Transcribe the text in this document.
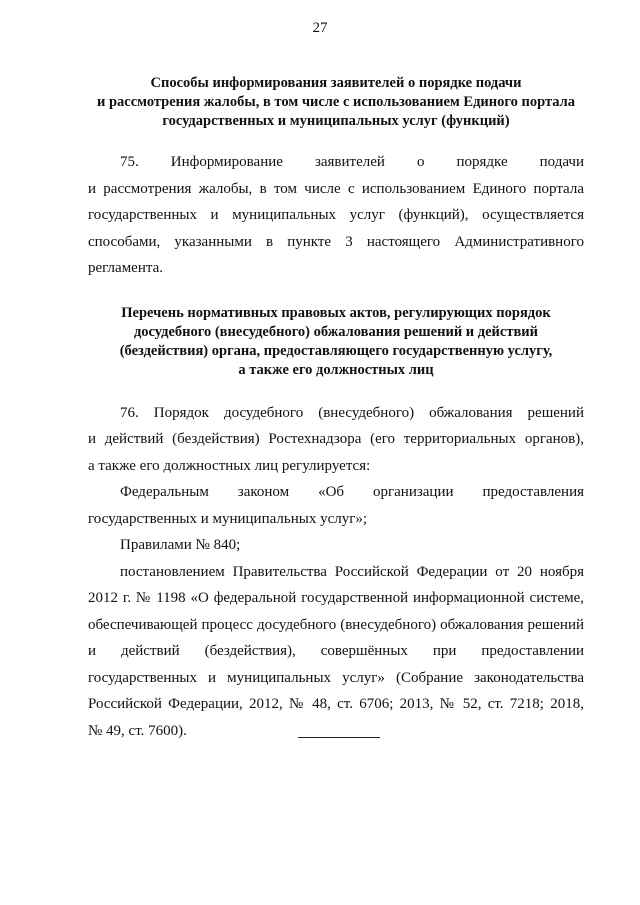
27
Способы информирования заявителей о порядке подачи
и рассмотрения жалобы, в том числе с использованием Единого портала
государственных и муниципальных услуг (функций)
75. Информирование заявителей о порядке подачи
и рассмотрения жалобы, в том числе с использованием Единого портала
государственных и муниципальных услуг (функций), осуществляется
способами, указанными в пункте 3 настоящего Административного
регламента.
Перечень нормативных правовых актов, регулирующих порядок
досудебного (внесудебного) обжалования решений и действий
(бездействия) органа, предоставляющего государственную услугу,
а также его должностных лиц
76. Порядок досудебного (внесудебного) обжалования решений
и действий (бездействия) Ростехнадзора (его территориальных органов),
а также его должностных лиц регулируется:
Федеральным законом «Об организации предоставления
государственных и муниципальных услуг»;
Правилами № 840;
постановлением Правительства Российской Федерации от 20 ноября
2012 г. № 1198 «О федеральной государственной информационной системе,
обеспечивающей процесс досудебного (внесудебного) обжалования решений
и действий (бездействия), совершённых при предоставлении
государственных и муниципальных услуг» (Собрание законодательства
Российской Федерации, 2012, № 48, ст. 6706; 2013, № 52, ст. 7218; 2018,
№ 49, ст. 7600).
